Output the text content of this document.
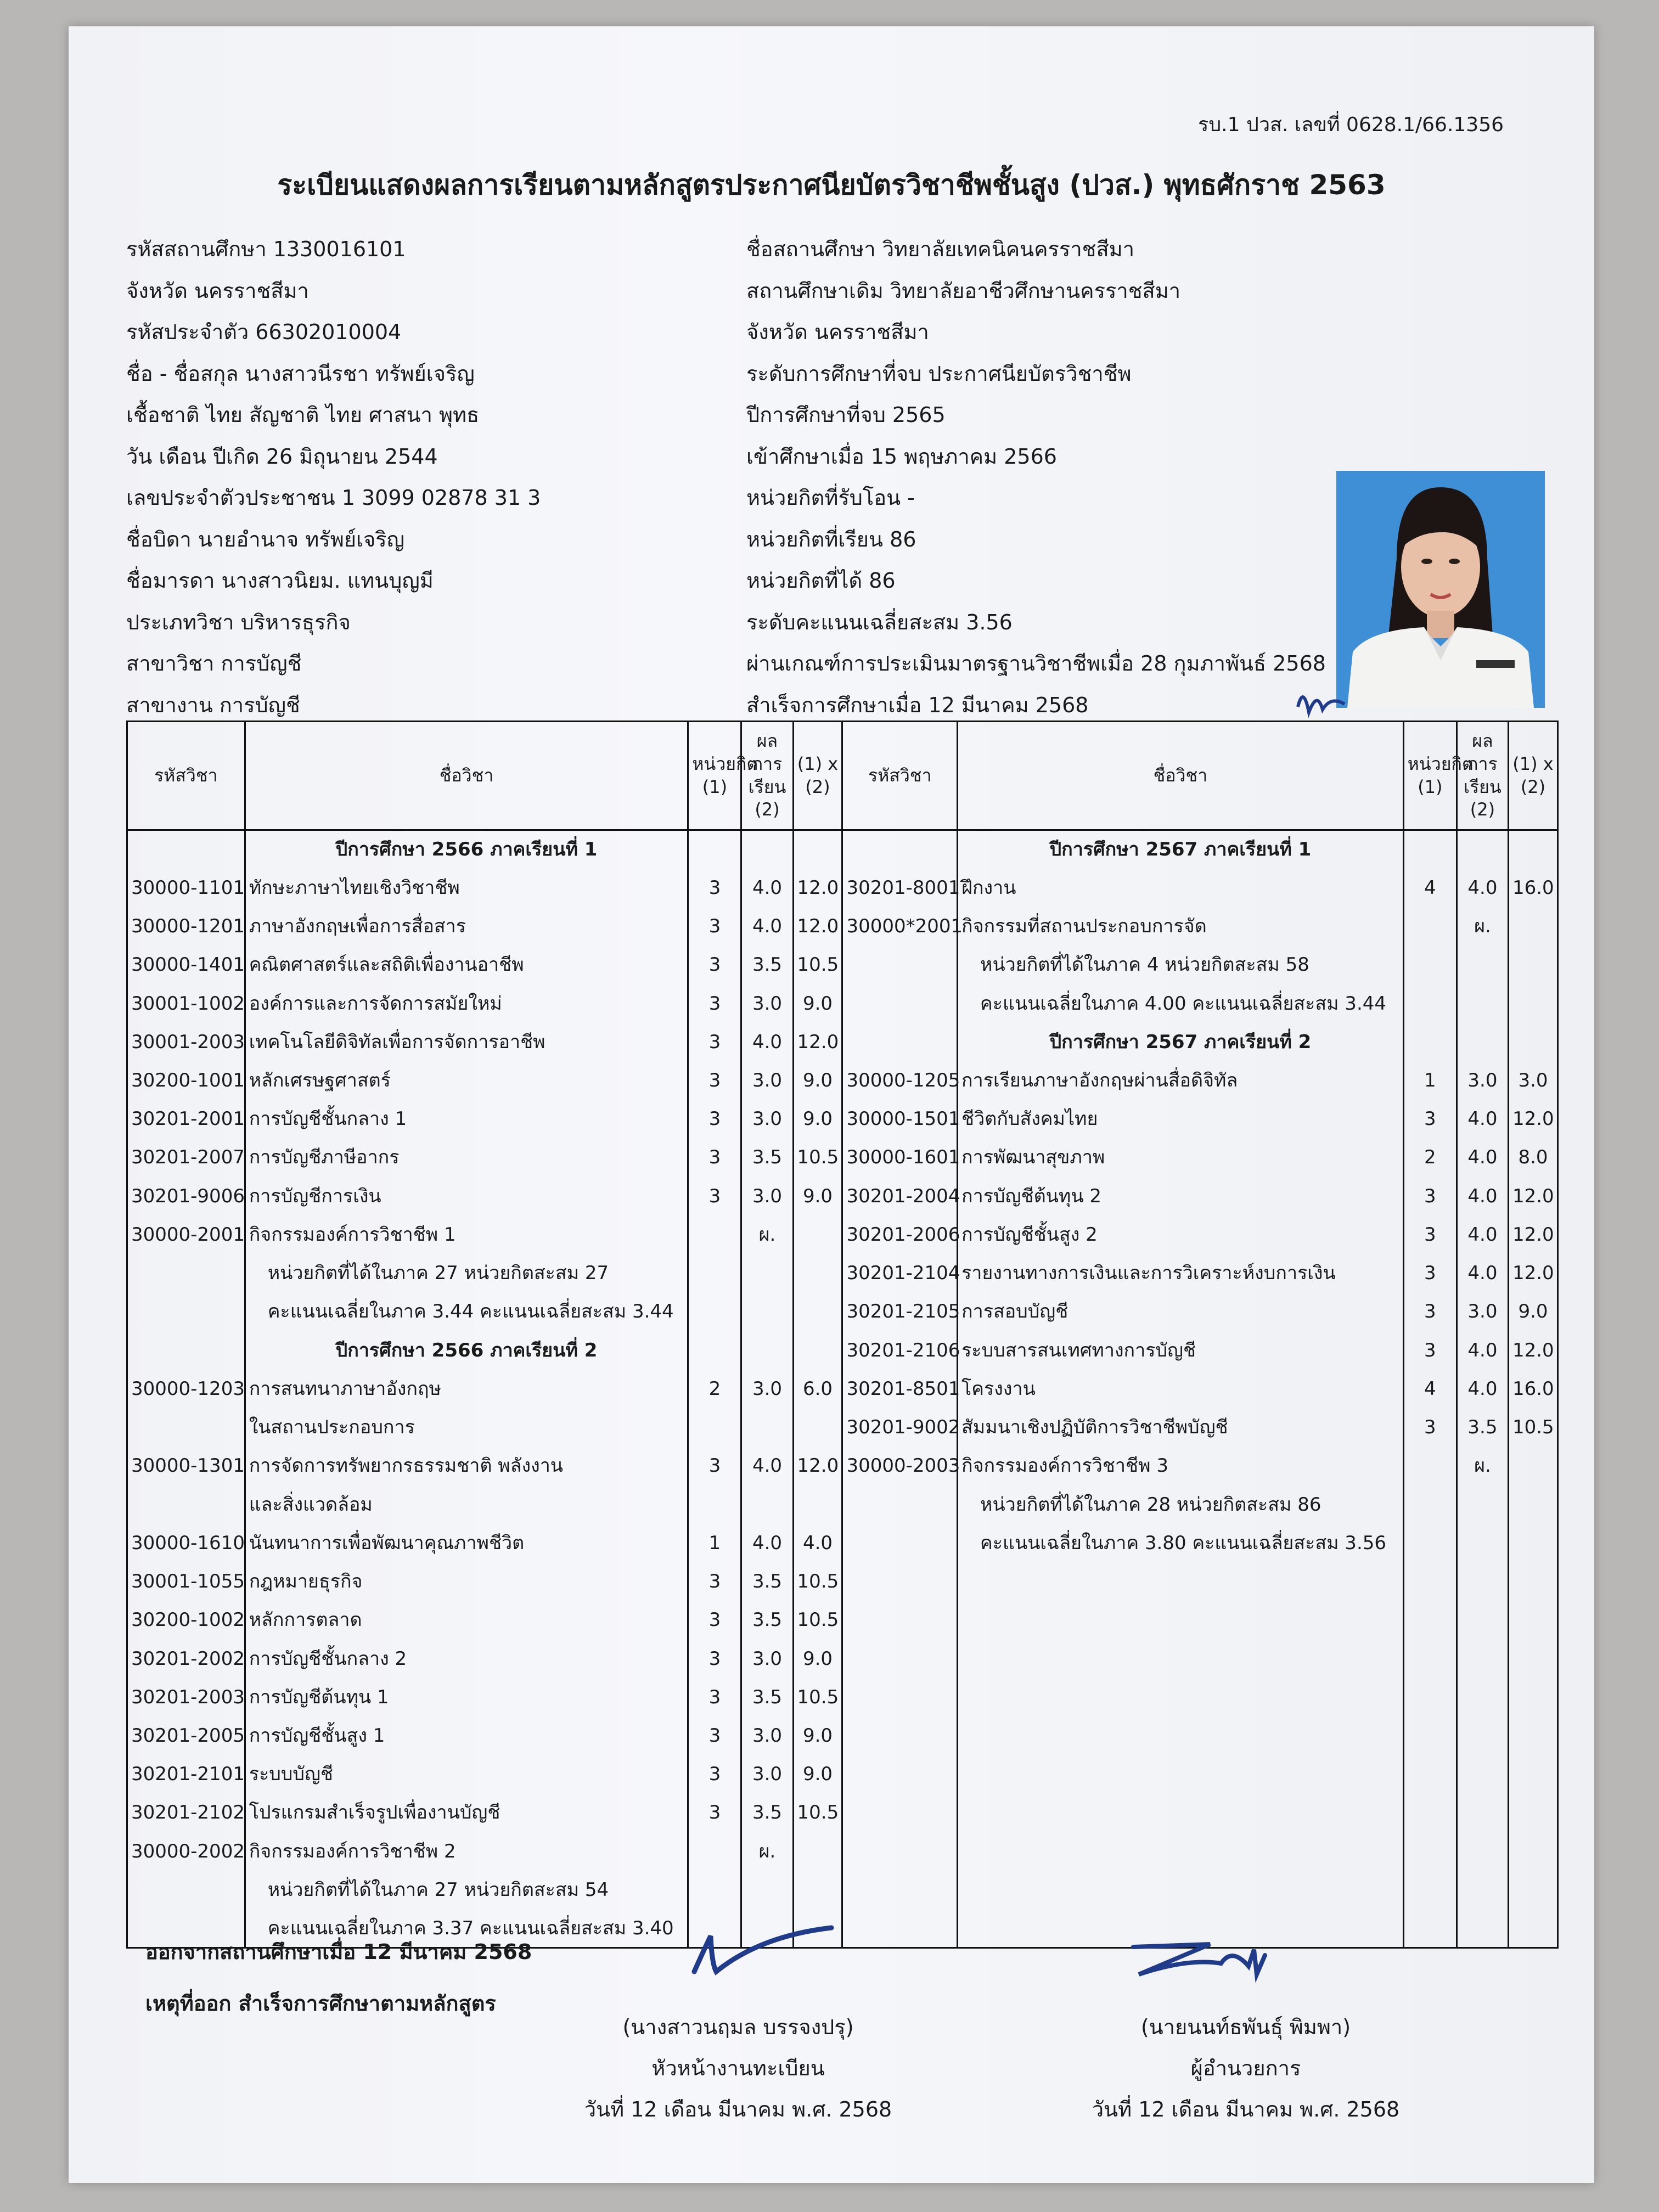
รบ.1 ปวส. เลขที่ 0628.1/66.1356
ระเบียนแสดงผลการเรียนตามหลักสูตรประกาศนียบัตรวิชาชีพชั้นสูง (ปวส.) พุทธศักราช 2563
รหัสสถานศึกษา 1330016101
จังหวัด นครราชสีมา
รหัสประจำตัว 66302010004
ชื่อ - ชื่อสกุล นางสาวนีรชา ทรัพย์เจริญ
เชื้อชาติ ไทย สัญชาติ ไทย ศาสนา พุทธ
วัน เดือน ปีเกิด 26 มิถุนายน 2544
เลขประจำตัวประชาชน 1 3099 02878 31 3
ชื่อบิดา นายอำนาจ ทรัพย์เจริญ
ชื่อมารดา นางสาวนิยม. แทนบุญมี
ประเภทวิชา บริหารธุรกิจ
สาขาวิชา การบัญชี
สาขางาน การบัญชี
ชื่อสถานศึกษา วิทยาลัยเทคนิคนครราชสีมา
สถานศึกษาเดิม วิทยาลัยอาชีวศึกษานครราชสีมา
จังหวัด นครราชสีมา
ระดับการศึกษาที่จบ ประกาศนียบัตรวิชาชีพ
ปีการศึกษาที่จบ 2565
เข้าศึกษาเมื่อ 15 พฤษภาคม 2566
หน่วยกิตที่รับโอน -
หน่วยกิตที่เรียน 86
หน่วยกิตที่ได้ 86
ระดับคะแนนเฉลี่ยสะสม 3.56
ผ่านเกณฑ์การประเมินมาตรฐานวิชาชีพเมื่อ 28 กุมภาพันธ์ 2568
สำเร็จการศึกษาเมื่อ 12 มีนาคม 2568
รหัสวิชา	ชื่อวิชา	หน่วยกิต (1)	ผลการเรียน (2)	(1) x (2)	รหัสวิชา	ชื่อวิชา	หน่วยกิต (1)	ผลการเรียน (2)	(1) x (2)
	ปีการศึกษา 2566 ภาคเรียนที่ 1					ปีการศึกษา 2567 ภาคเรียนที่ 1			
30000-1101	ทักษะภาษาไทยเชิงวิชาชีพ	3	4.0	12.0	30201-8001	ฝึกงาน	4	4.0	16.0
30000-1201	ภาษาอังกฤษเพื่อการสื่อสาร	3	4.0	12.0	30000*2001	กิจกรรมที่สถานประกอบการจัด		ผ.	
30000-1401	คณิตศาสตร์และสถิติเพื่องานอาชีพ	3	3.5	10.5		หน่วยกิตที่ได้ในภาค 4 หน่วยกิตสะสม 58			
30001-1002	องค์การและการจัดการสมัยใหม่	3	3.0	9.0		คะแนนเฉลี่ยในภาค 4.00 คะแนนเฉลี่ยสะสม 3.44			
30001-2003	เทคโนโลยีดิจิทัลเพื่อการจัดการอาชีพ	3	4.0	12.0		ปีการศึกษา 2567 ภาคเรียนที่ 2			
30200-1001	หลักเศรษฐศาสตร์	3	3.0	9.0	30000-1205	การเรียนภาษาอังกฤษผ่านสื่อดิจิทัล	1	3.0	3.0
30201-2001	การบัญชีชั้นกลาง 1	3	3.0	9.0	30000-1501	ชีวิตกับสังคมไทย	3	4.0	12.0
30201-2007	การบัญชีภาษีอากร	3	3.5	10.5	30000-1601	การพัฒนาสุขภาพ	2	4.0	8.0
30201-9006	การบัญชีการเงิน	3	3.0	9.0	30201-2004	การบัญชีต้นทุน 2	3	4.0	12.0
30000-2001	กิจกรรมองค์การวิชาชีพ 1		ผ.		30201-2006	การบัญชีชั้นสูง 2	3	4.0	12.0
	หน่วยกิตที่ได้ในภาค 27 หน่วยกิตสะสม 27				30201-2104	รายงานทางการเงินและการวิเคราะห์งบการเงิน	3	4.0	12.0
	คะแนนเฉลี่ยในภาค 3.44 คะแนนเฉลี่ยสะสม 3.44				30201-2105	การสอบบัญชี	3	3.0	9.0
	ปีการศึกษา 2566 ภาคเรียนที่ 2				30201-2106	ระบบสารสนเทศทางการบัญชี	3	4.0	12.0
30000-1203	การสนทนาภาษาอังกฤษ	2	3.0	6.0	30201-8501	โครงงาน	4	4.0	16.0
	ในสถานประกอบการ				30201-9002	สัมมนาเชิงปฏิบัติการวิชาชีพบัญชี	3	3.5	10.5
30000-1301	การจัดการทรัพยากรธรรมชาติ พลังงาน	3	4.0	12.0	30000-2003	กิจกรรมองค์การวิชาชีพ 3		ผ.	
	และสิ่งแวดล้อม					หน่วยกิตที่ได้ในภาค 28 หน่วยกิตสะสม 86			
30000-1610	นันทนาการเพื่อพัฒนาคุณภาพชีวิต	1	4.0	4.0		คะแนนเฉลี่ยในภาค 3.80 คะแนนเฉลี่ยสะสม 3.56			
30001-1055	กฎหมายธุรกิจ	3	3.5	10.5					
30200-1002	หลักการตลาด	3	3.5	10.5					
30201-2002	การบัญชีชั้นกลาง 2	3	3.0	9.0					
30201-2003	การบัญชีต้นทุน 1	3	3.5	10.5					
30201-2005	การบัญชีชั้นสูง 1	3	3.0	9.0					
30201-2101	ระบบบัญชี	3	3.0	9.0					
30201-2102	โปรแกรมสำเร็จรูปเพื่องานบัญชี	3	3.5	10.5					
30000-2002	กิจกรรมองค์การวิชาชีพ 2		ผ.						
	หน่วยกิตที่ได้ในภาค 27 หน่วยกิตสะสม 54								
	คะแนนเฉลี่ยในภาค 3.37 คะแนนเฉลี่ยสะสม 3.40								
ออกจากสถานศึกษาเมื่อ 12 มีนาคม 2568
เหตุที่ออก สำเร็จการศึกษาตามหลักสูตร
(นางสาวนฤมล บรรจงปรุ)
หัวหน้างานทะเบียน
วันที่ 12 เดือน มีนาคม พ.ศ. 2568
(นายนนท์ธพันธุ์ พิมพา)
ผู้อำนวยการ
วันที่ 12 เดือน มีนาคม พ.ศ. 2568
